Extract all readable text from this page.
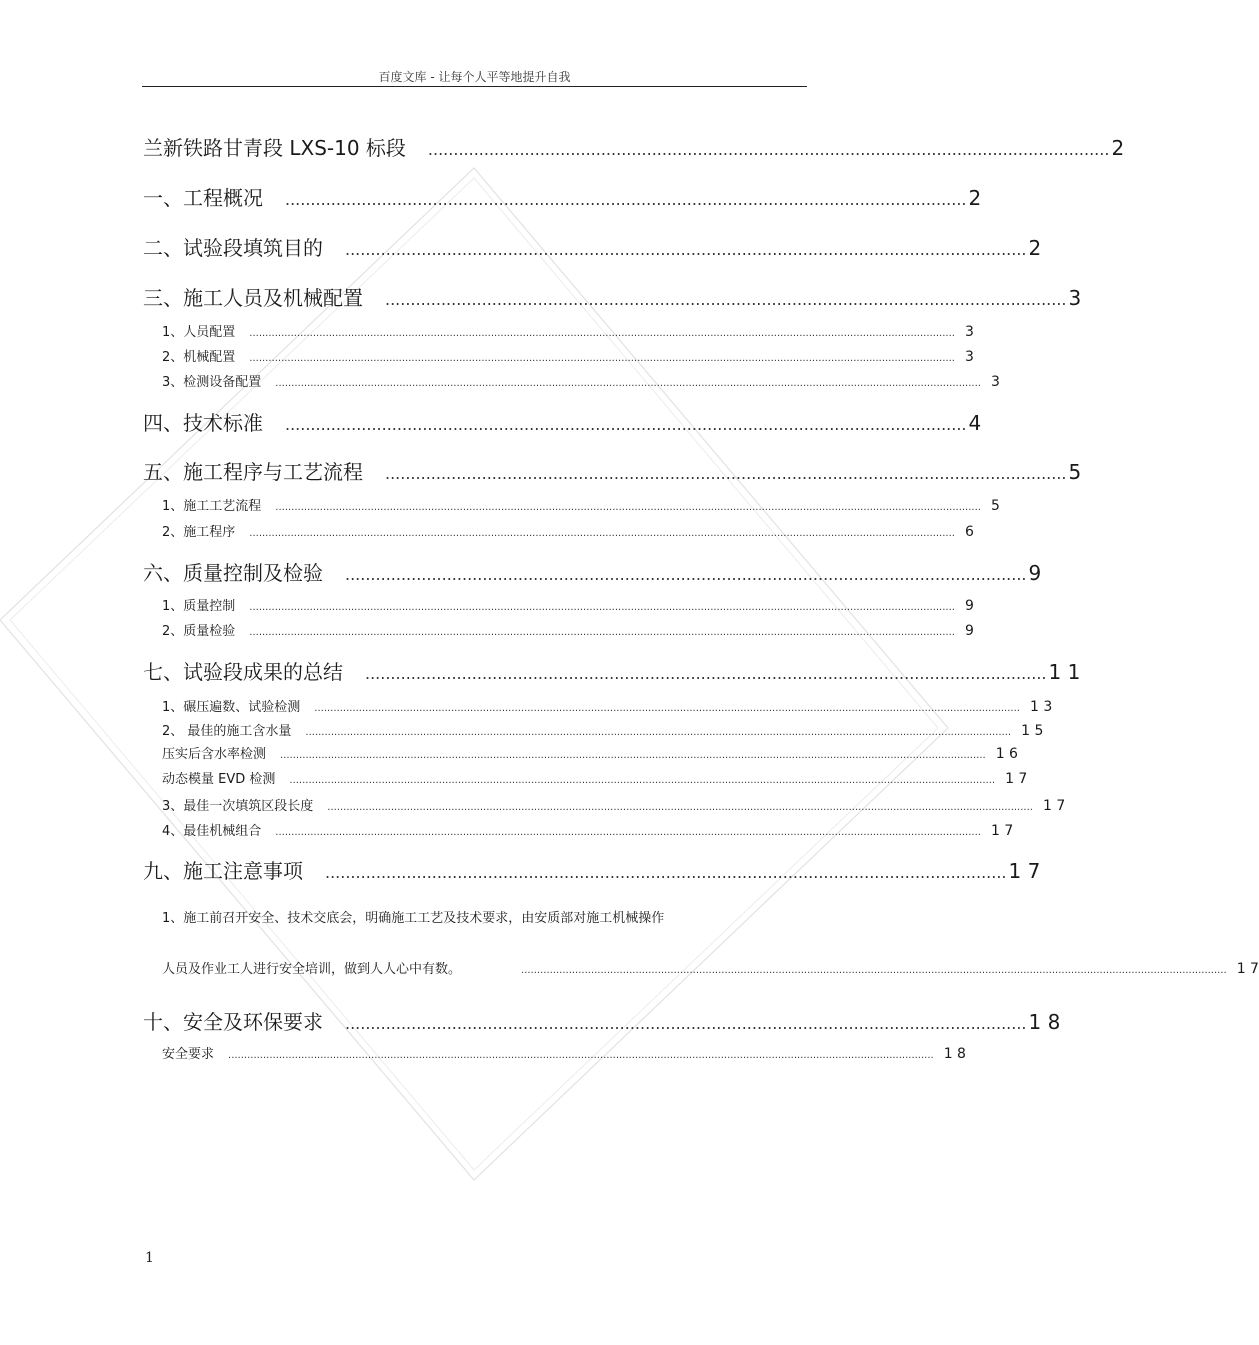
百度文库 - 让每个人平等地提升自我
兰新铁路甘青段 LXS-10 标段	...................................................................................................................................... 2
一、工程概况	...................................................................................................................................... 2
二、试验段填筑目的	...................................................................................................................................... 2
三、施工人员及机械配置	...................................................................................................................................... 3
1、人员配置	.............................................................................................................................................................................................................................. 3
2、机械配置	.............................................................................................................................................................................................................................. 3
3、检测设备配置	.............................................................................................................................................................................................................................. 3
四、技术标准	...................................................................................................................................... 4
五、施工程序与工艺流程	...................................................................................................................................... 5
1、施工工艺流程	.............................................................................................................................................................................................................................. 5
2、施工程序	.............................................................................................................................................................................................................................. 6
六、质量控制及检验	...................................................................................................................................... 9
1、质量控制	.............................................................................................................................................................................................................................. 9
2、质量检验	.............................................................................................................................................................................................................................. 9
七、试验段成果的总结	...................................................................................................................................... 1 1
1、碾压遍数、试验检测	.............................................................................................................................................................................................................................. 1 3
2、 最佳的施工含水量	.............................................................................................................................................................................................................................. 1 5
压实后含水率检测	.............................................................................................................................................................................................................................. 1 6
动态模量 EVD 检测	.............................................................................................................................................................................................................................. 1 7
3、最佳一次填筑区段长度	.............................................................................................................................................................................................................................. 1 7
4、最佳机械组合	.............................................................................................................................................................................................................................. 1 7
九、施工注意事项	...................................................................................................................................... 1 7
1、施工前召开安全、技术交底会，明确施工工艺及技术要求，由安质部对施工机械操作
人员及作业工人进行安全培训，做到人人心中有数。	.............................................................................................................................................................................................................................. 1 7
十、安全及环保要求	...................................................................................................................................... 1 8
安全要求	.............................................................................................................................................................................................................................. 1 8
1
